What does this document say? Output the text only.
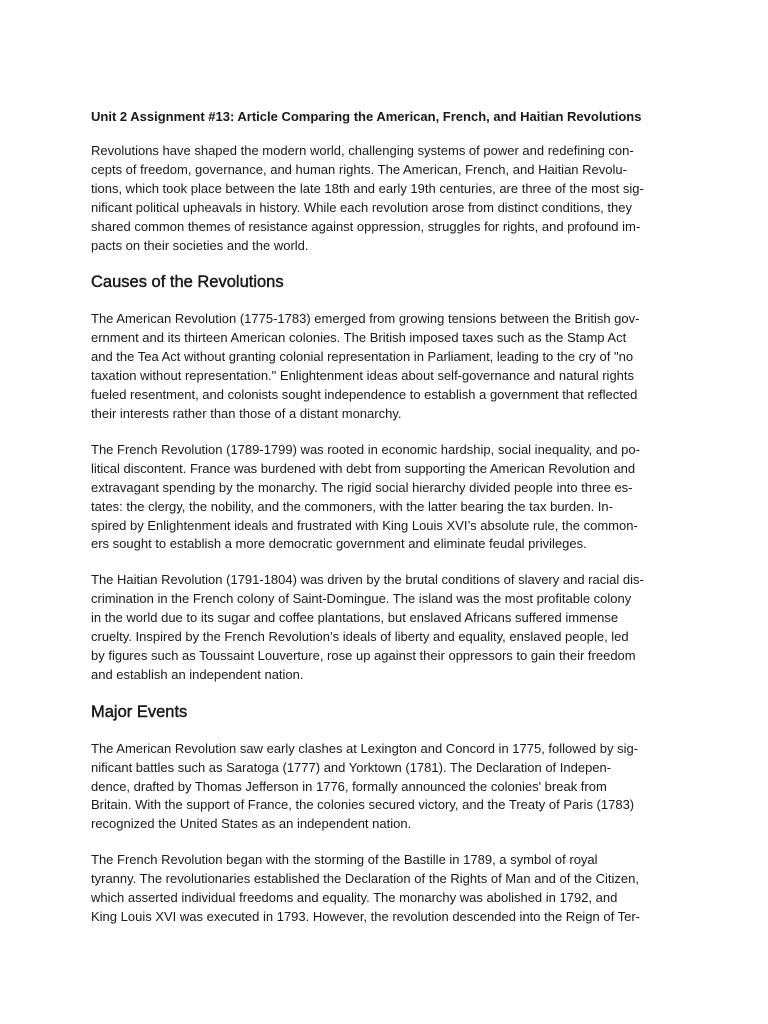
Unit 2 Assignment #13: Article Comparing the American, French, and Haitian Revolutions

Revolutions have shaped the modern world, challenging systems of power and redefining con-
cepts of freedom, governance, and human rights. The American, French, and Haitian Revolu-
tions, which took place between the late 18th and early 19th centuries, are three of the most sig-
nificant political upheavals in history. While each revolution arose from distinct conditions, they
shared common themes of resistance against oppression, struggles for rights, and profound im-
pacts on their societies and the world.

Causes of the Revolutions

The American Revolution (1775-1783) emerged from growing tensions between the British gov-
ernment and its thirteen American colonies. The British imposed taxes such as the Stamp Act
and the Tea Act without granting colonial representation in Parliament, leading to the cry of "no
taxation without representation." Enlightenment ideas about self-governance and natural rights
fueled resentment, and colonists sought independence to establish a government that reflected
their interests rather than those of a distant monarchy.

The French Revolution (1789-1799) was rooted in economic hardship, social inequality, and po-
litical discontent. France was burdened with debt from supporting the American Revolution and
extravagant spending by the monarchy. The rigid social hierarchy divided people into three es-
tates: the clergy, the nobility, and the commoners, with the latter bearing the tax burden. In-
spired by Enlightenment ideals and frustrated with King Louis XVI’s absolute rule, the common-
ers sought to establish a more democratic government and eliminate feudal privileges.

The Haitian Revolution (1791-1804) was driven by the brutal conditions of slavery and racial dis-
crimination in the French colony of Saint-Domingue. The island was the most profitable colony
in the world due to its sugar and coffee plantations, but enslaved Africans suffered immense
cruelty. Inspired by the French Revolution’s ideals of liberty and equality, enslaved people, led
by figures such as Toussaint Louverture, rose up against their oppressors to gain their freedom
and establish an independent nation.

Major Events

The American Revolution saw early clashes at Lexington and Concord in 1775, followed by sig-
nificant battles such as Saratoga (1777) and Yorktown (1781). The Declaration of Indepen-
dence, drafted by Thomas Jefferson in 1776, formally announced the colonies' break from
Britain. With the support of France, the colonies secured victory, and the Treaty of Paris (1783)
recognized the United States as an independent nation.

The French Revolution began with the storming of the Bastille in 1789, a symbol of royal
tyranny. The revolutionaries established the Declaration of the Rights of Man and of the Citizen,
which asserted individual freedoms and equality. The monarchy was abolished in 1792, and
King Louis XVI was executed in 1793. However, the revolution descended into the Reign of Ter-
